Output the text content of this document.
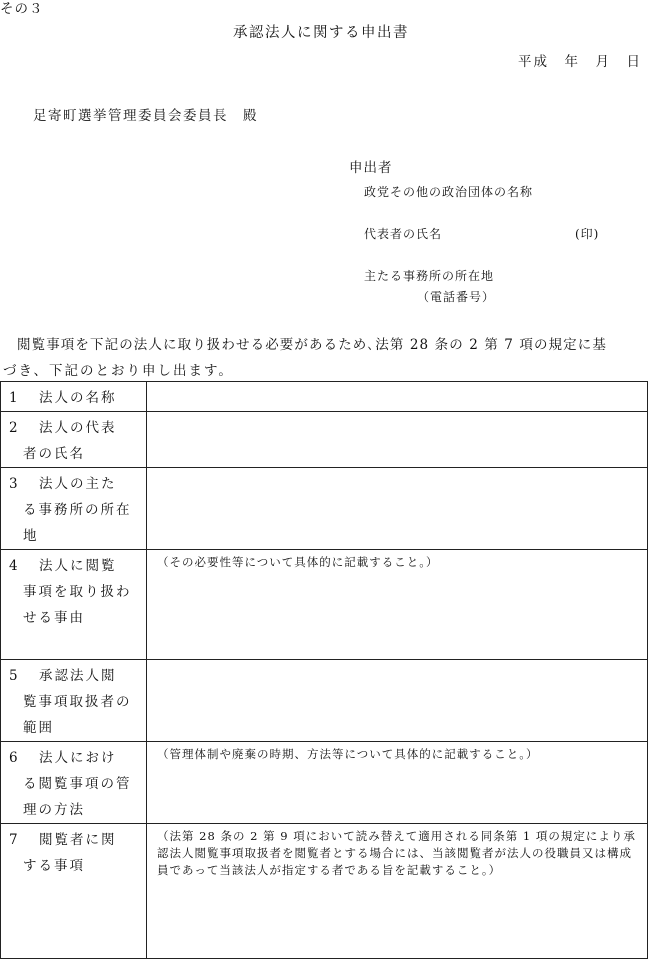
その３
承認法人に関する申出書
平成　年　月　日
足寄町選挙管理委員会委員長　殿
申出者
政党その他の政治団体の名称
代表者の氏名	(印)
主たる事務所の所在地
（電話番号）
閲覧事項を下記の法人に取り扱わせる必要があるため､法第 28 条の 2 第 7 項の規定に基
づき、下記のとおり申し出ます。
1 法人の名称	
2 法人の代表
者の氏名	

3 法人の主た
る事務所の所在地	

4 法人に閲覧
事項を取り扱わせる事由	（その必要性等について具体的に記載すること。）
5 承認法人閲
覧事項取扱者の範囲	

6 法人におけ
る閲覧事項の管理の方法	（管理体制や廃棄の時期、方法等について具体的に記載すること。）
7 閲覧者に関
する事項	（法第 28 条の 2 第 9 項において読み替えて適用される同条第 1 項の規定により承認法人閲覧事項取扱者を閲覧者とする場合には、当該閲覧者が法人の役職員又は構成員であって当該法人が指定する者である旨を記載すること。）
